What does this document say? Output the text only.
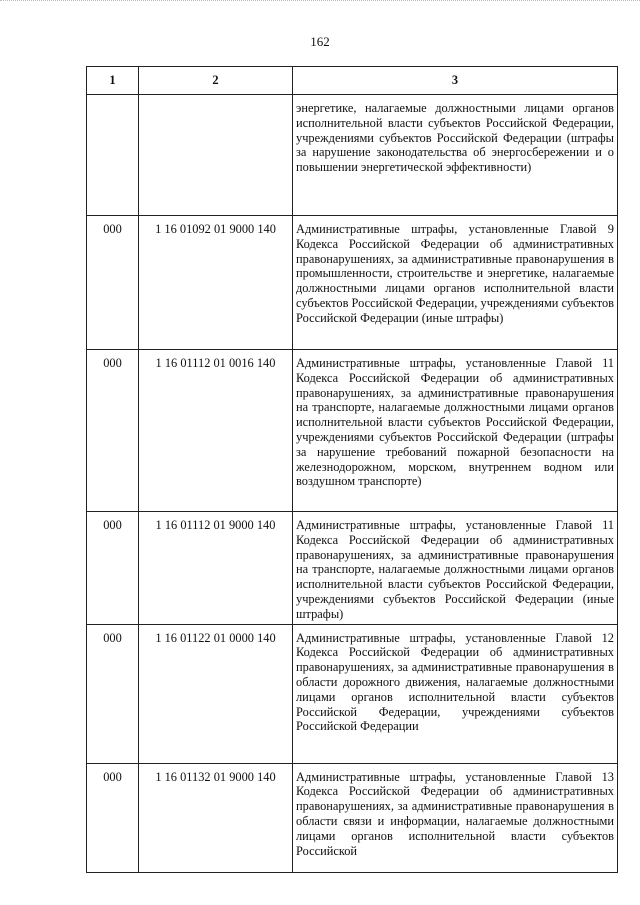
162
1	2	3
		энергетике, налагаемые должностными лицами органов исполнительной власти субъектов Российской Федерации, учреждениями субъектов Российской Федерации (штрафы за нарушение законодательства об энергосбережении и о повышении энергетической эффективности)
000	1 16 01092 01 9000 140	Административные штрафы, установленные Главой 9 Кодекса Российской Федерации об административных правонарушениях, за административные правонарушения в промышленности, строительстве и энергетике, налагаемые должностными лицами органов исполнительной власти субъектов Российской Федерации, учреждениями субъектов Российской Федерации (иные штрафы)
000	1 16 01112 01 0016 140	Административные штрафы, установленные Главой 11 Кодекса Российской Федерации об административных правонарушениях, за административные правонарушения на транспорте, налагаемые должностными лицами органов исполнительной власти субъектов Российской Федерации, учреждениями субъектов Российской Федерации (штрафы за нарушение требований пожарной безопасности на железнодорожном, морском, внутреннем водном или воздушном транспорте)
000	1 16 01112 01 9000 140	Административные штрафы, установленные Главой 11 Кодекса Российской Федерации об административных правонарушениях, за административные правонарушения на транспорте, налагаемые должностными лицами органов исполнительной власти субъектов Российской Федерации, учреждениями субъектов Российской Федерации (иные штрафы)
000	1 16 01122 01 0000 140	Административные штрафы, установленные Главой 12 Кодекса Российской Федерации об административных правонарушениях, за административные правонарушения в области дорожного движения, налагаемые должностными лицами органов исполнительной власти субъектов Российской Федерации, учреждениями субъектов Российской Федерации
000	1 16 01132 01 9000 140	Административные штрафы, установленные Главой 13 Кодекса Российской Федерации об административных правонарушениях, за административные правонарушения в области связи и информации, налагаемые должностными лицами органов исполнительной власти субъектов Российской
